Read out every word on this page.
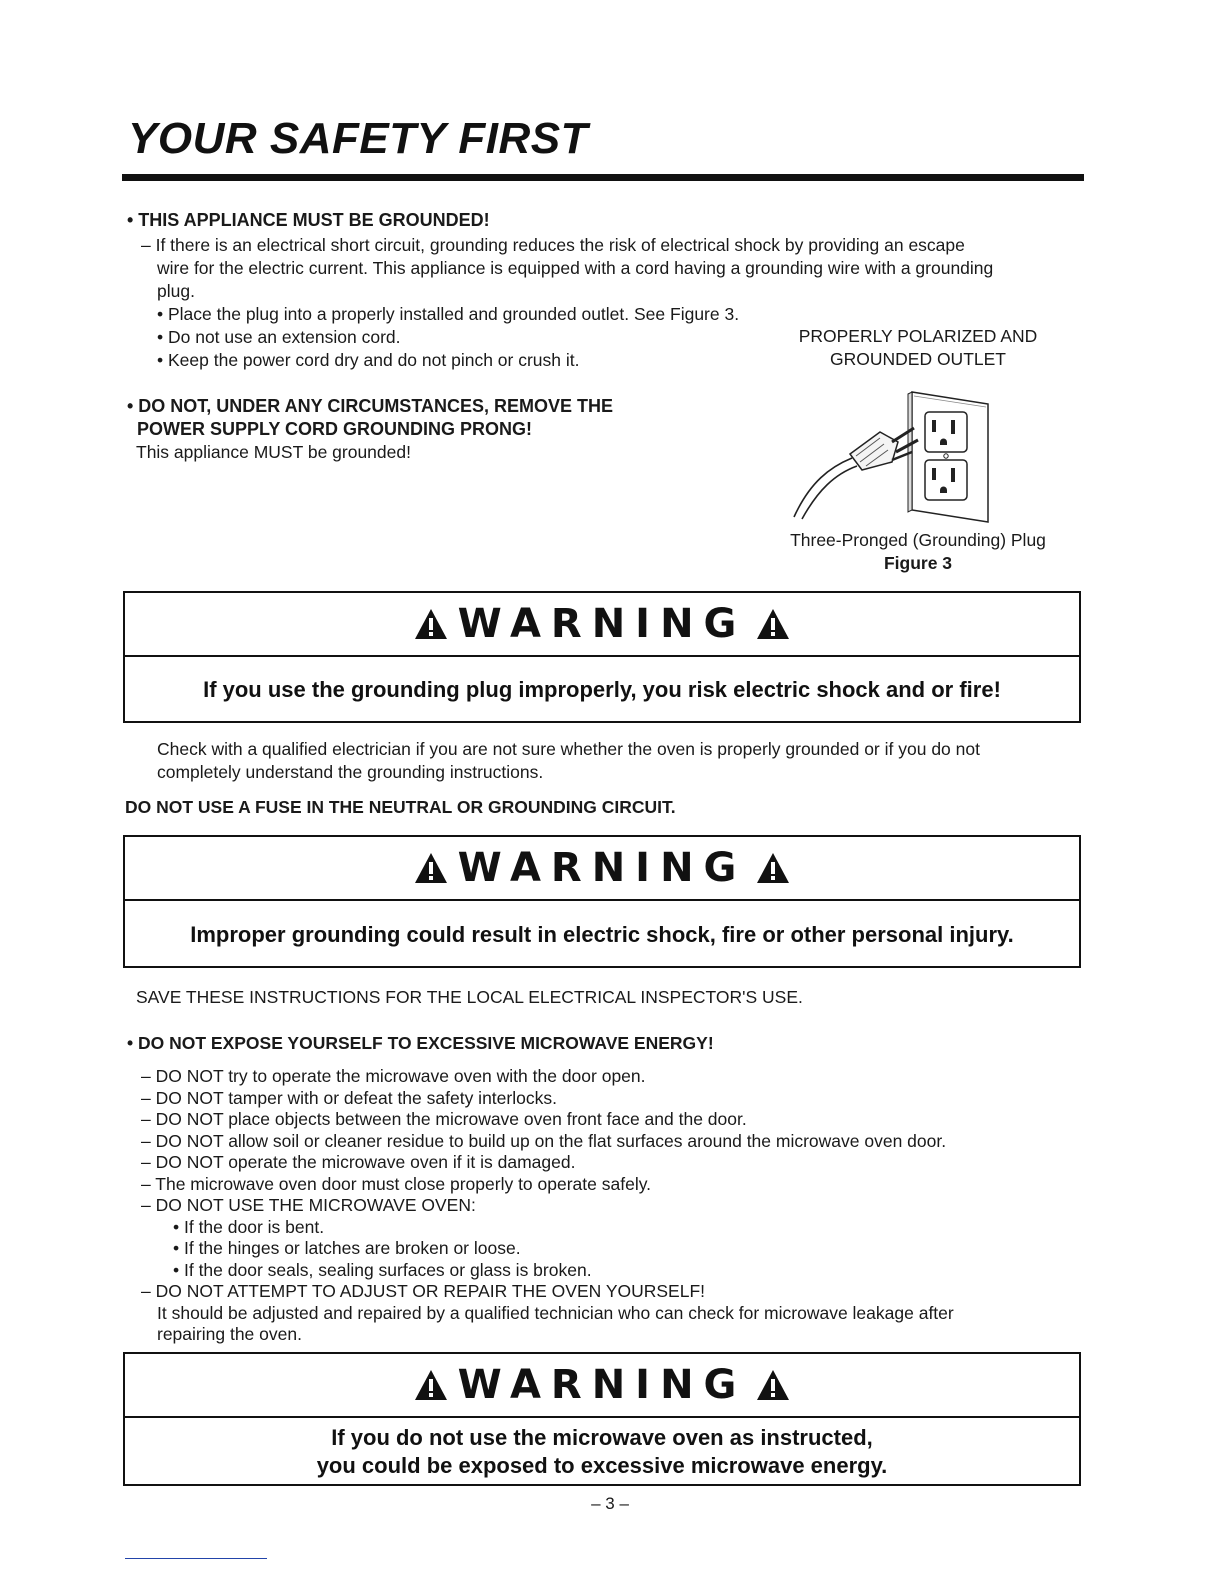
YOUR SAFETY FIRST
• THIS APPLIANCE MUST BE GROUNDED!
– If there is an electrical short circuit, grounding reduces the risk of electrical shock by providing an escape
wire for the electric current. This appliance is equipped with a cord having a grounding wire with a grounding
plug.
• Place the plug into a properly installed and grounded outlet. See Figure 3.
• Do not use an extension cord.
• Keep the power cord dry and do not pinch or crush it.
PROPERLY POLARIZED AND
GROUNDED OUTLET
• DO NOT, UNDER ANY CIRCUMSTANCES, REMOVE THE
POWER SUPPLY CORD GROUNDING PRONG!
This appliance MUST be grounded!
Three-Pronged (Grounding) Plug
Figure 3
WARNING
If you use the grounding plug improperly, you risk electric shock and or fire!
Check with a qualified electrician if you are not sure whether the oven is properly grounded or if you do not
completely understand the grounding instructions.
DO NOT USE A FUSE IN THE NEUTRAL OR GROUNDING CIRCUIT.
WARNING
Improper grounding could result in electric shock, fire or other personal injury.
SAVE THESE INSTRUCTIONS FOR THE LOCAL ELECTRICAL INSPECTOR'S USE.
• DO NOT EXPOSE YOURSELF TO EXCESSIVE MICROWAVE ENERGY!
– DO NOT try to operate the microwave oven with the door open.
– DO NOT tamper with or defeat the safety interlocks.
– DO NOT place objects between the microwave oven front face and the door.
– DO NOT allow soil or cleaner residue to build up on the flat surfaces around the microwave oven door.
– DO NOT operate the microwave oven if it is damaged.
– The microwave oven door must close properly to operate safely.
– DO NOT USE THE MICROWAVE OVEN:
• If the door is bent.
• If the hinges or latches are broken or loose.
• If the door seals, sealing surfaces or glass is broken.
– DO NOT ATTEMPT TO ADJUST OR REPAIR THE OVEN YOURSELF!
It should be adjusted and repaired by a qualified technician who can check for microwave leakage after
repairing the oven.
WARNING
If you do not use the microwave oven as instructed,
you could be exposed to excessive microwave energy.
– 3 –
